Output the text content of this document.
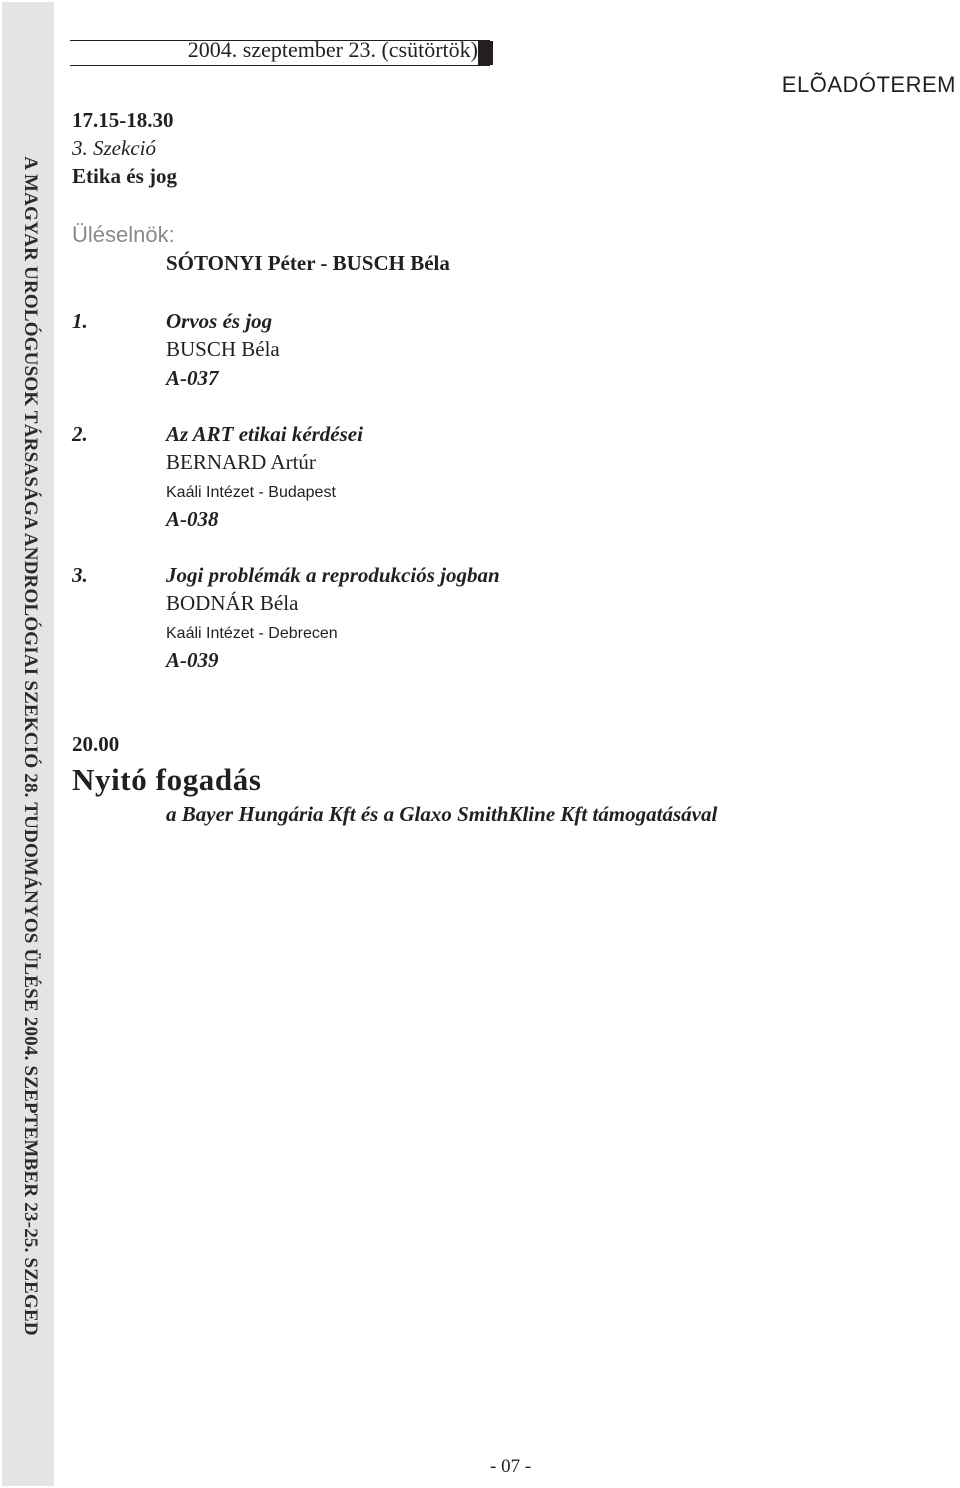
A MAGYAR UROLÓGUSOK TÁRSASÁGA ANDROLÓGIAI SZEKCIÓ 28. TUDOMÁNYOS ÜLÉSE 2004. SZEPTEMBER 23-25. SZEGED
2004. szeptember 23. (csütörtök)
ELÕADÓTEREM
17.15-18.30
3. Szekció
Etika és jog
Üléselnök:
SÓTONYI Péter - BUSCH Béla
1.	Orvos és jog
BUSCH Béla
A-037
2.	Az ART etikai kérdései
BERNARD Artúr
Kaáli Intézet - Budapest
A-038
3.	Jogi problémák a reprodukciós jogban
BODNÁR Béla
Kaáli Intézet - Debrecen
A-039
20.00
Nyitó fogadás
a Bayer Hungária Kft és a Glaxo SmithKline Kft támogatásával
- 07 -
